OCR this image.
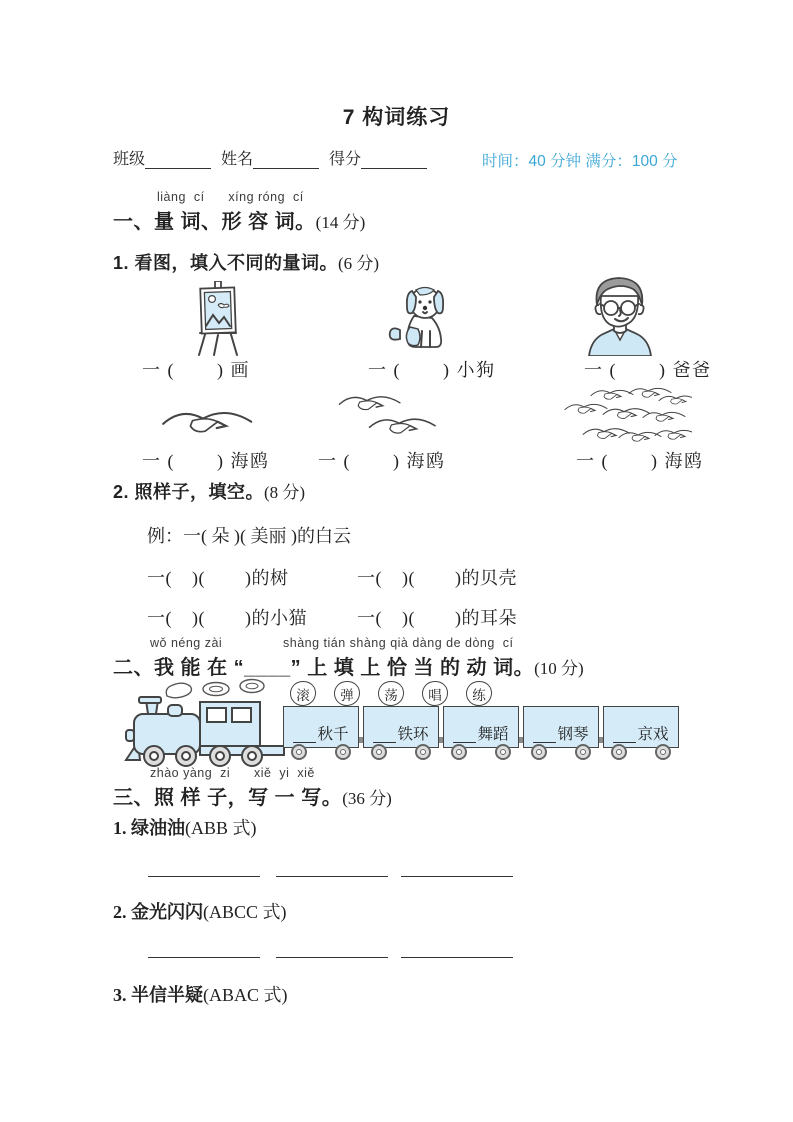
7 构词练习
班级	姓名	得分	时间：40 分钟 满分：100 分
liàng  cí      xíng róng  cí
一、量 词、形 容 词。(14 分)
1. 看图，填入不同的量词。(6 分)
一 (       ) 画	一 (       ) 小狗	一 (       ) 爸爸
一 (       ) 海鸥	一 (       ) 海鸥	一 (       ) 海鸥
2. 照样子，填空。(8 分)
例：一( 朵 )( 美丽 )的白云
一(    )(        )的树	一(    )(        )的贝壳
一(    )(        )的小猫	一(    )(        )的耳朵
wǒ néng zài	shàng tián shàng qià dàng de dòng  cí
二、我 能 在 “____” 上 填 上 恰 当 的 动 词。(10 分)
滚	弹	荡	唱	练
秋千	铁环	舞蹈	钢琴	京戏
zhào yàng  zi      xiě  yi  xiě
三、照 样 子，写 一 写。(36 分)
1. 绿油油(ABB 式)
2. 金光闪闪(ABCC 式)
3. 半信半疑(ABAC 式)
